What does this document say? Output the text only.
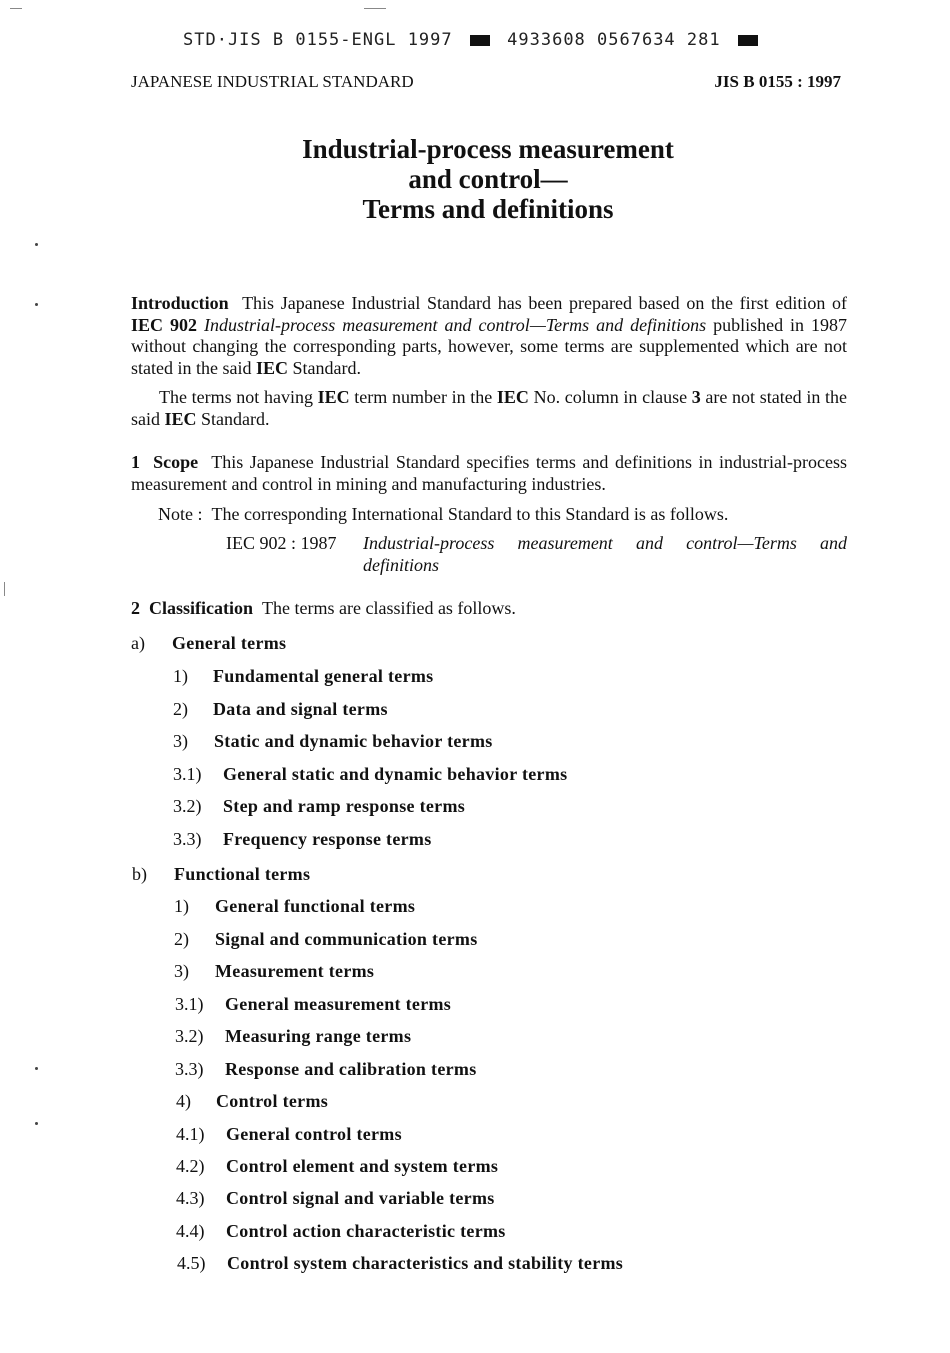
STD·JIS B 0155-ENGL 1997	4933608 0567634 281
JAPANESE INDUSTRIAL STANDARD	JIS B 0155 : 1997
Industrial-process measurement
and control—
Terms and definitions
Introduction This Japanese Industrial Standard has been prepared based on the first edition of IEC 902 Industrial-process measurement and control—Terms and definitions published in 1987 without changing the corresponding parts, however, some terms are supplemented which are not stated in the said IEC Standard.
The terms not having IEC term number in the IEC No. column in clause 3 are not stated in the said IEC Standard.
1 Scope This Japanese Industrial Standard specifies terms and definitions in industrial-process measurement and control in mining and manufacturing industries.
Note : The corresponding International Standard to this Standard is as follows.
IEC 902 : 1987 Industrial-process measurement and control—Terms and definitions
2 Classification The terms are classified as follows.
a) General terms
1) Fundamental general terms
2) Data and signal terms
3) Static and dynamic behavior terms
3.1) General static and dynamic behavior terms
3.2) Step and ramp response terms
3.3) Frequency response terms
b) Functional terms
1) General functional terms
2) Signal and communication terms
3) Measurement terms
3.1) General measurement terms
3.2) Measuring range terms
3.3) Response and calibration terms
4) Control terms
4.1) General control terms
4.2) Control element and system terms
4.3) Control signal and variable terms
4.4) Control action characteristic terms
4.5) Control system characteristics and stability terms
